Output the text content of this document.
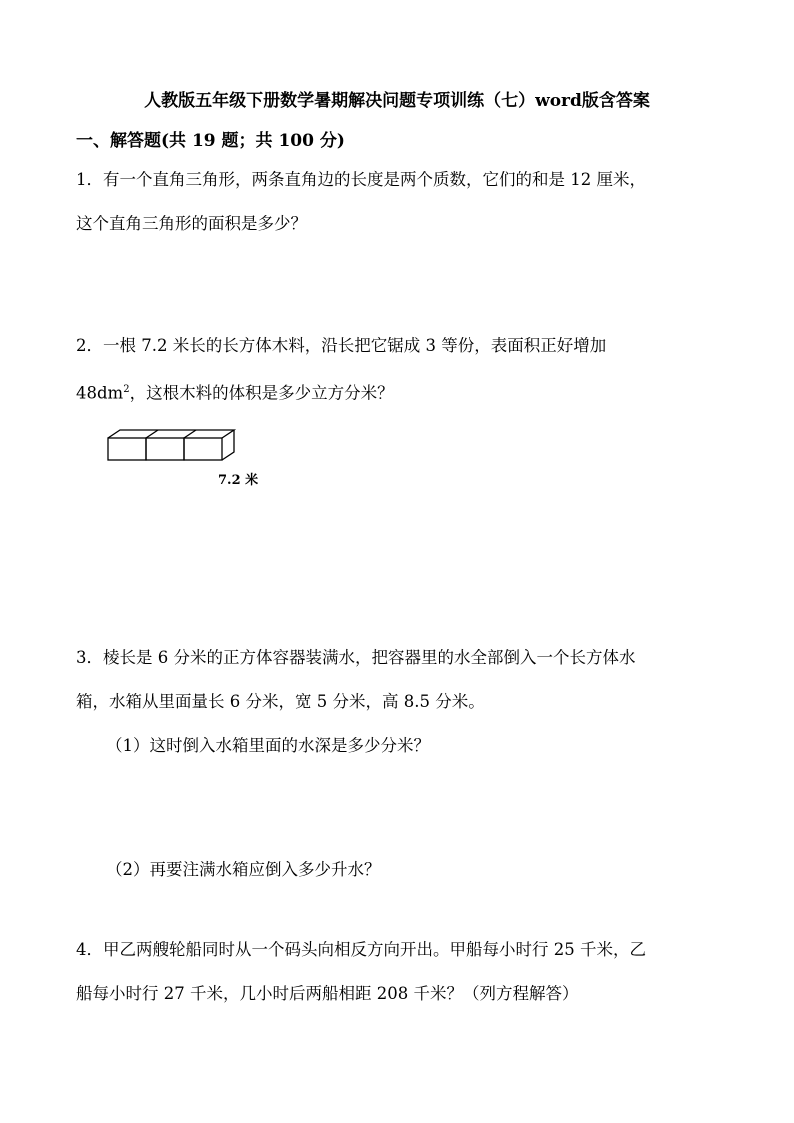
人教版五年级下册数学暑期解决问题专项训练（七）word版含答案
一、解答题(共 19 题；共 100 分)
1．有一个直角三角形，两条直角边的长度是两个质数，它们的和是 12 厘米，
这个直角三角形的面积是多少？
2．一根 7.2 米长的长方体木料，沿长把它锯成 3 等份，表面积正好增加
$48dm^2$，这根木料的体积是多少立方分米？
7.2 米
3．棱长是 6 分米的正方体容器装满水，把容器里的水全部倒入一个长方体水
箱，水箱从里面量长 6 分米，宽 5 分米，高 8.5 分米。
（1）这时倒入水箱里面的水深是多少分米？
（2）再要注满水箱应倒入多少升水？
4．甲乙两艘轮船同时从一个码头向相反方向开出。甲船每小时行 25 千米，乙
船每小时行 27 千米，几小时后两船相距 208 千米？（列方程解答）
